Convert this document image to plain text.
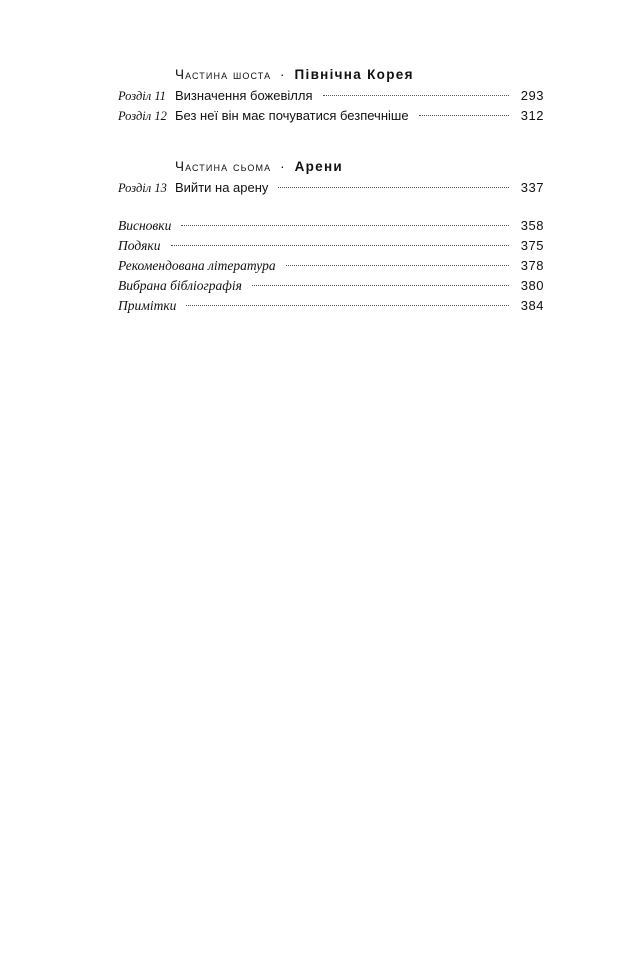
Частина шоста · Північна Корея
Розділ 11 Визначення божевілля	293
Розділ 12 Без неї він має почуватися безпечніше	312
Частина сьома · Арени
Розділ 13 Вийти на арену	337
Висновки	358
Подяки	375
Рекомендована література	378
Вибрана бібліографія	380
Примітки	384
